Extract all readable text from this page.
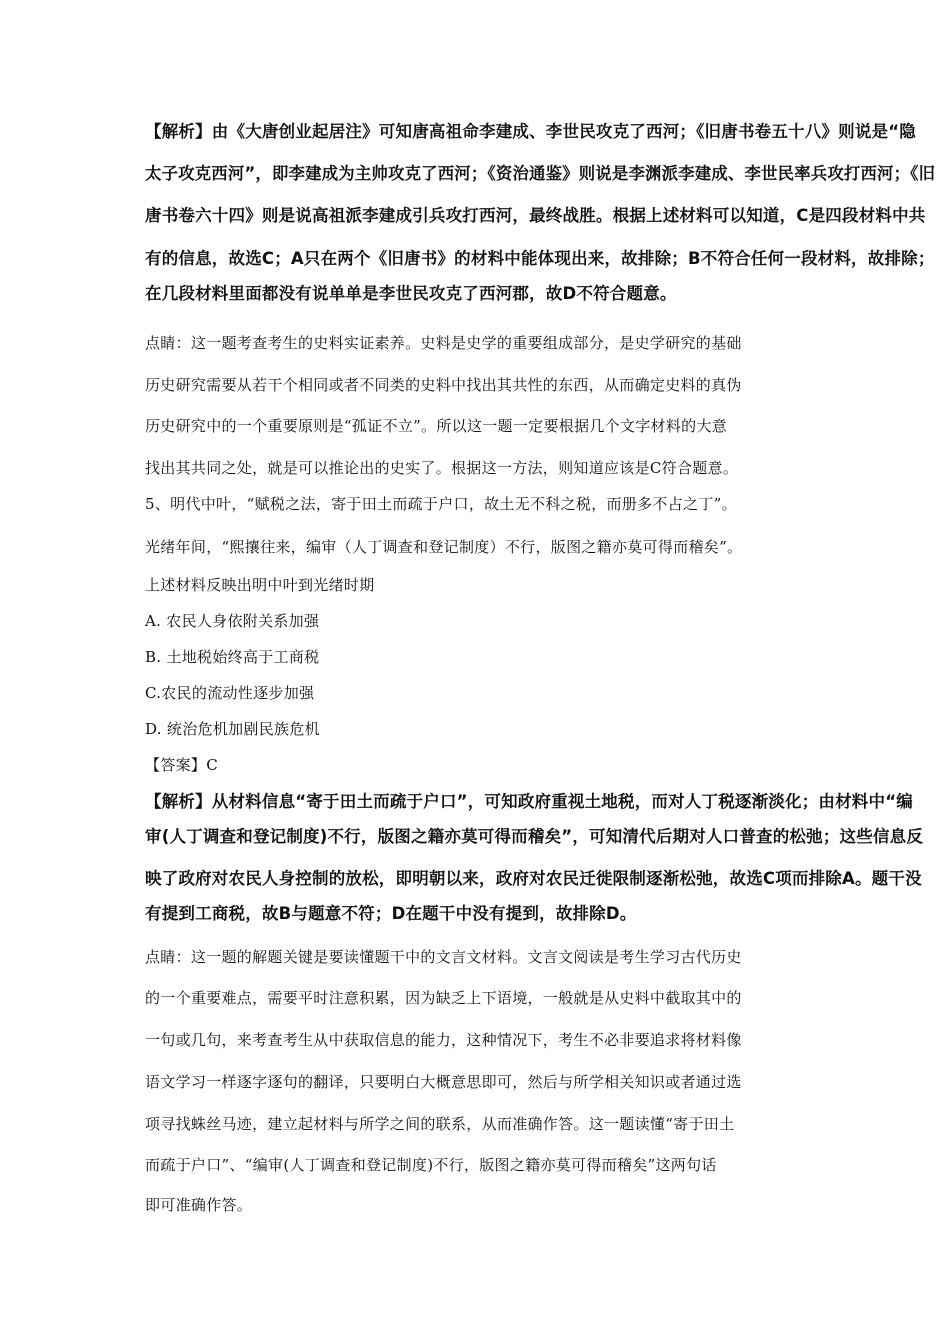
【解析】由《大唐创业起居注》可知唐高祖命李建成、李世民攻克了西河；《旧唐书卷五十八》则说是“隐
太子攻克西河”，即李建成为主帅攻克了西河；《资治通鉴》则说是李渊派李建成、李世民率兵攻打西河；《旧
唐书卷六十四》则是说高祖派李建成引兵攻打西河，最终战胜。根据上述材料可以知道，C是四段材料中共
有的信息，故选C；A只在两个《旧唐书》的材料中能体现出来，故排除；B不符合任何一段材料，故排除；
在几段材料里面都没有说单单是李世民攻克了西河郡，故D不符合题意。
点睛：这一题考查考生的史料实证素养。史料是史学的重要组成部分，是史学研究的基础
历史研究需要从若干个相同或者不同类的史料中找出其共性的东西，从而确定史料的真伪
历史研究中的一个重要原则是“孤证不立”。所以这一题一定要根据几个文字材料的大意
找出其共同之处，就是可以推论出的史实了。根据这一方法，则知道应该是C符合题意。
5、明代中叶，“赋税之法，寄于田土而疏于户口，故土无不科之税，而册多不占之丁”。
光绪年间，“熙攘往来，编审（人丁调查和登记制度）不行，版图之籍亦莫可得而稽矣”。
上述材料反映出明中叶到光绪时期
A. 农民人身依附关系加强
B. 土地税始终高于工商税
C.农民的流动性逐步加强
D. 统治危机加剧民族危机
【答案】C
【解析】从材料信息“寄于田土而疏于户口”，可知政府重视土地税，而对人丁税逐渐淡化；由材料中“编
审(人丁调查和登记制度)不行，版图之籍亦莫可得而稽矣”，可知清代后期对人口普查的松弛；这些信息反
映了政府对农民人身控制的放松，即明朝以来，政府对农民迁徙限制逐渐松弛，故选C项而排除A。题干没
有提到工商税，故B与题意不符；D在题干中没有提到，故排除D。
点睛：这一题的解题关键是要读懂题干中的文言文材料。文言文阅读是考生学习古代历史
的一个重要难点，需要平时注意积累，因为缺乏上下语境，一般就是从史料中截取其中的
一句或几句，来考查考生从中获取信息的能力，这种情况下，考生不必非要追求将材料像
语文学习一样逐字逐句的翻译，只要明白大概意思即可，然后与所学相关知识或者通过选
项寻找蛛丝马迹，建立起材料与所学之间的联系，从而准确作答。这一题读懂“寄于田土
而疏于户口”、“编审(人丁调查和登记制度)不行，版图之籍亦莫可得而稽矣”这两句话
即可准确作答。
